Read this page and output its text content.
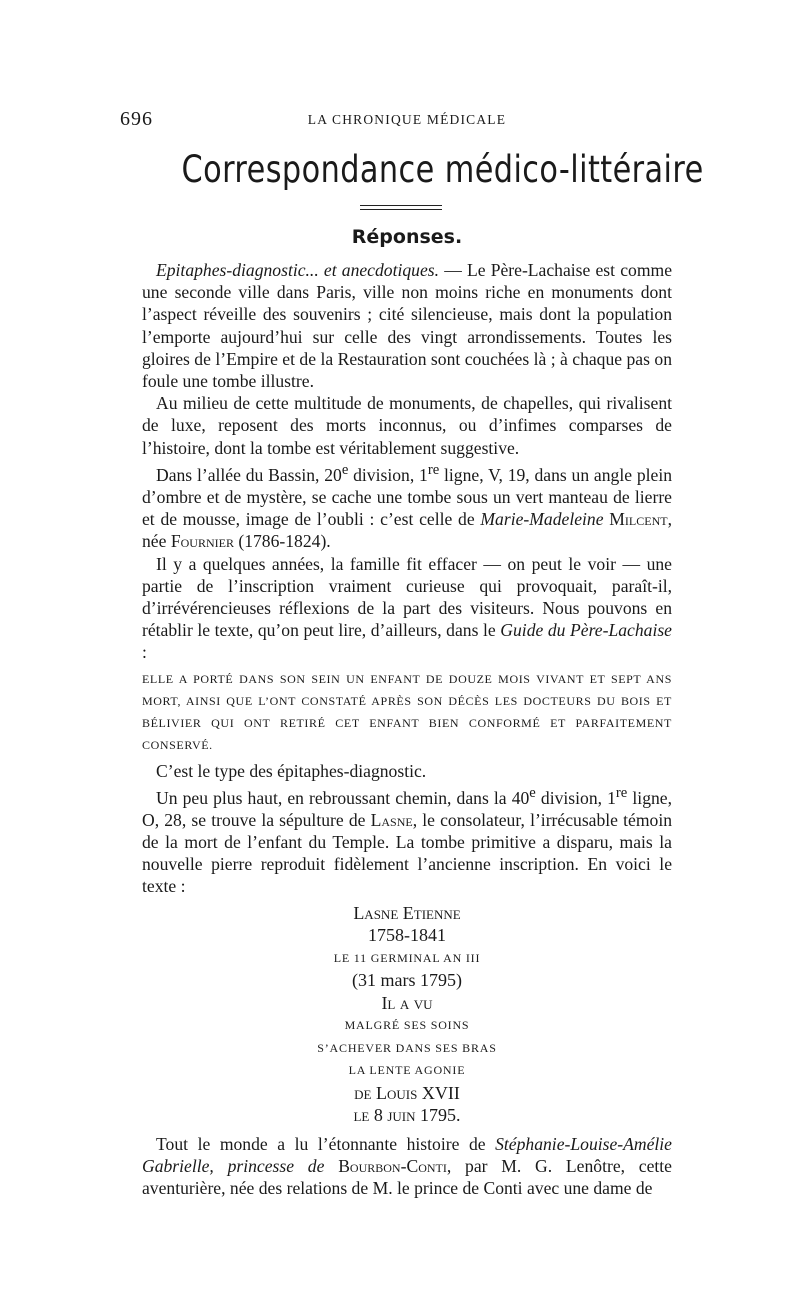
696	LA CHRONIQUE MÉDICALE
Correspondance médico-littéraire
Réponses.

Epitaphes-diagnostic... et anecdotiques. — Le Père-Lachaise est comme une seconde ville dans Paris, ville non moins riche en monuments dont l’aspect réveille des souvenirs ; cité silencieuse, mais dont la population l’emporte aujourd’hui sur celle des vingt arrondissements. Toutes les gloires de l’Empire et de la Restauration sont couchées là ; à chaque pas on foule une tombe illustre.

Au milieu de cette multitude de monuments, de chapelles, qui rivalisent de luxe, reposent des morts inconnus, ou d’infimes comparses de l’histoire, dont la tombe est véritablement suggestive.

Dans l’allée du Bassin, 20e division, 1re ligne, V, 19, dans un angle plein d’ombre et de mystère, se cache une tombe sous un vert manteau de lierre et de mousse, image de l’oubli : c’est celle de Marie-Madeleine Milcent, née Fournier (1786-1824).

Il y a quelques années, la famille fit effacer — on peut le voir — une partie de l’inscription vraiment curieuse qui provoquait, paraît-il, d’irrévérencieuses réflexions de la part des visiteurs. Nous pouvons en rétablir le texte, qu’on peut lire, d’ailleurs, dans le Guide du Père-Lachaise :

ELLE A PORTÉ DANS SON SEIN UN ENFANT DE DOUZE MOIS VIVANT ET SEPT ANS MORT, AINSI QUE L’ONT CONSTATÉ APRÈS SON DÉCÈS LES DOCTEURS DU BOIS ET BÉLIVIER QUI ONT RETIRÉ CET ENFANT BIEN CONFORMÉ ET PARFAITEMENT CONSERVÉ.

C’est le type des épitaphes-diagnostic.

Un peu plus haut, en rebroussant chemin, dans la 40e division, 1re ligne, O, 28, se trouve la sépulture de Lasne, le consolateur, l’irrécusable témoin de la mort de l’enfant du Temple. La tombe primitive a disparu, mais la nouvelle pierre reproduit fidèlement l’ancienne inscription. En voici le texte :

Lasne Etienne
1758-1841
LE 11 GERMINAL AN III
(31 mars 1795)
Il a vu
MALGRÉ SES SOINS
S’ACHEVER DANS SES BRAS
LA LENTE AGONIE
de Louis XVII
le 8 juin 1795.

Tout le monde a lu l’étonnante histoire de Stéphanie-Louise-Amélie Gabrielle, princesse de Bourbon-Conti, par M. G. Lenôtre, cette aventurière, née des relations de M. le prince de Conti avec une dame de
